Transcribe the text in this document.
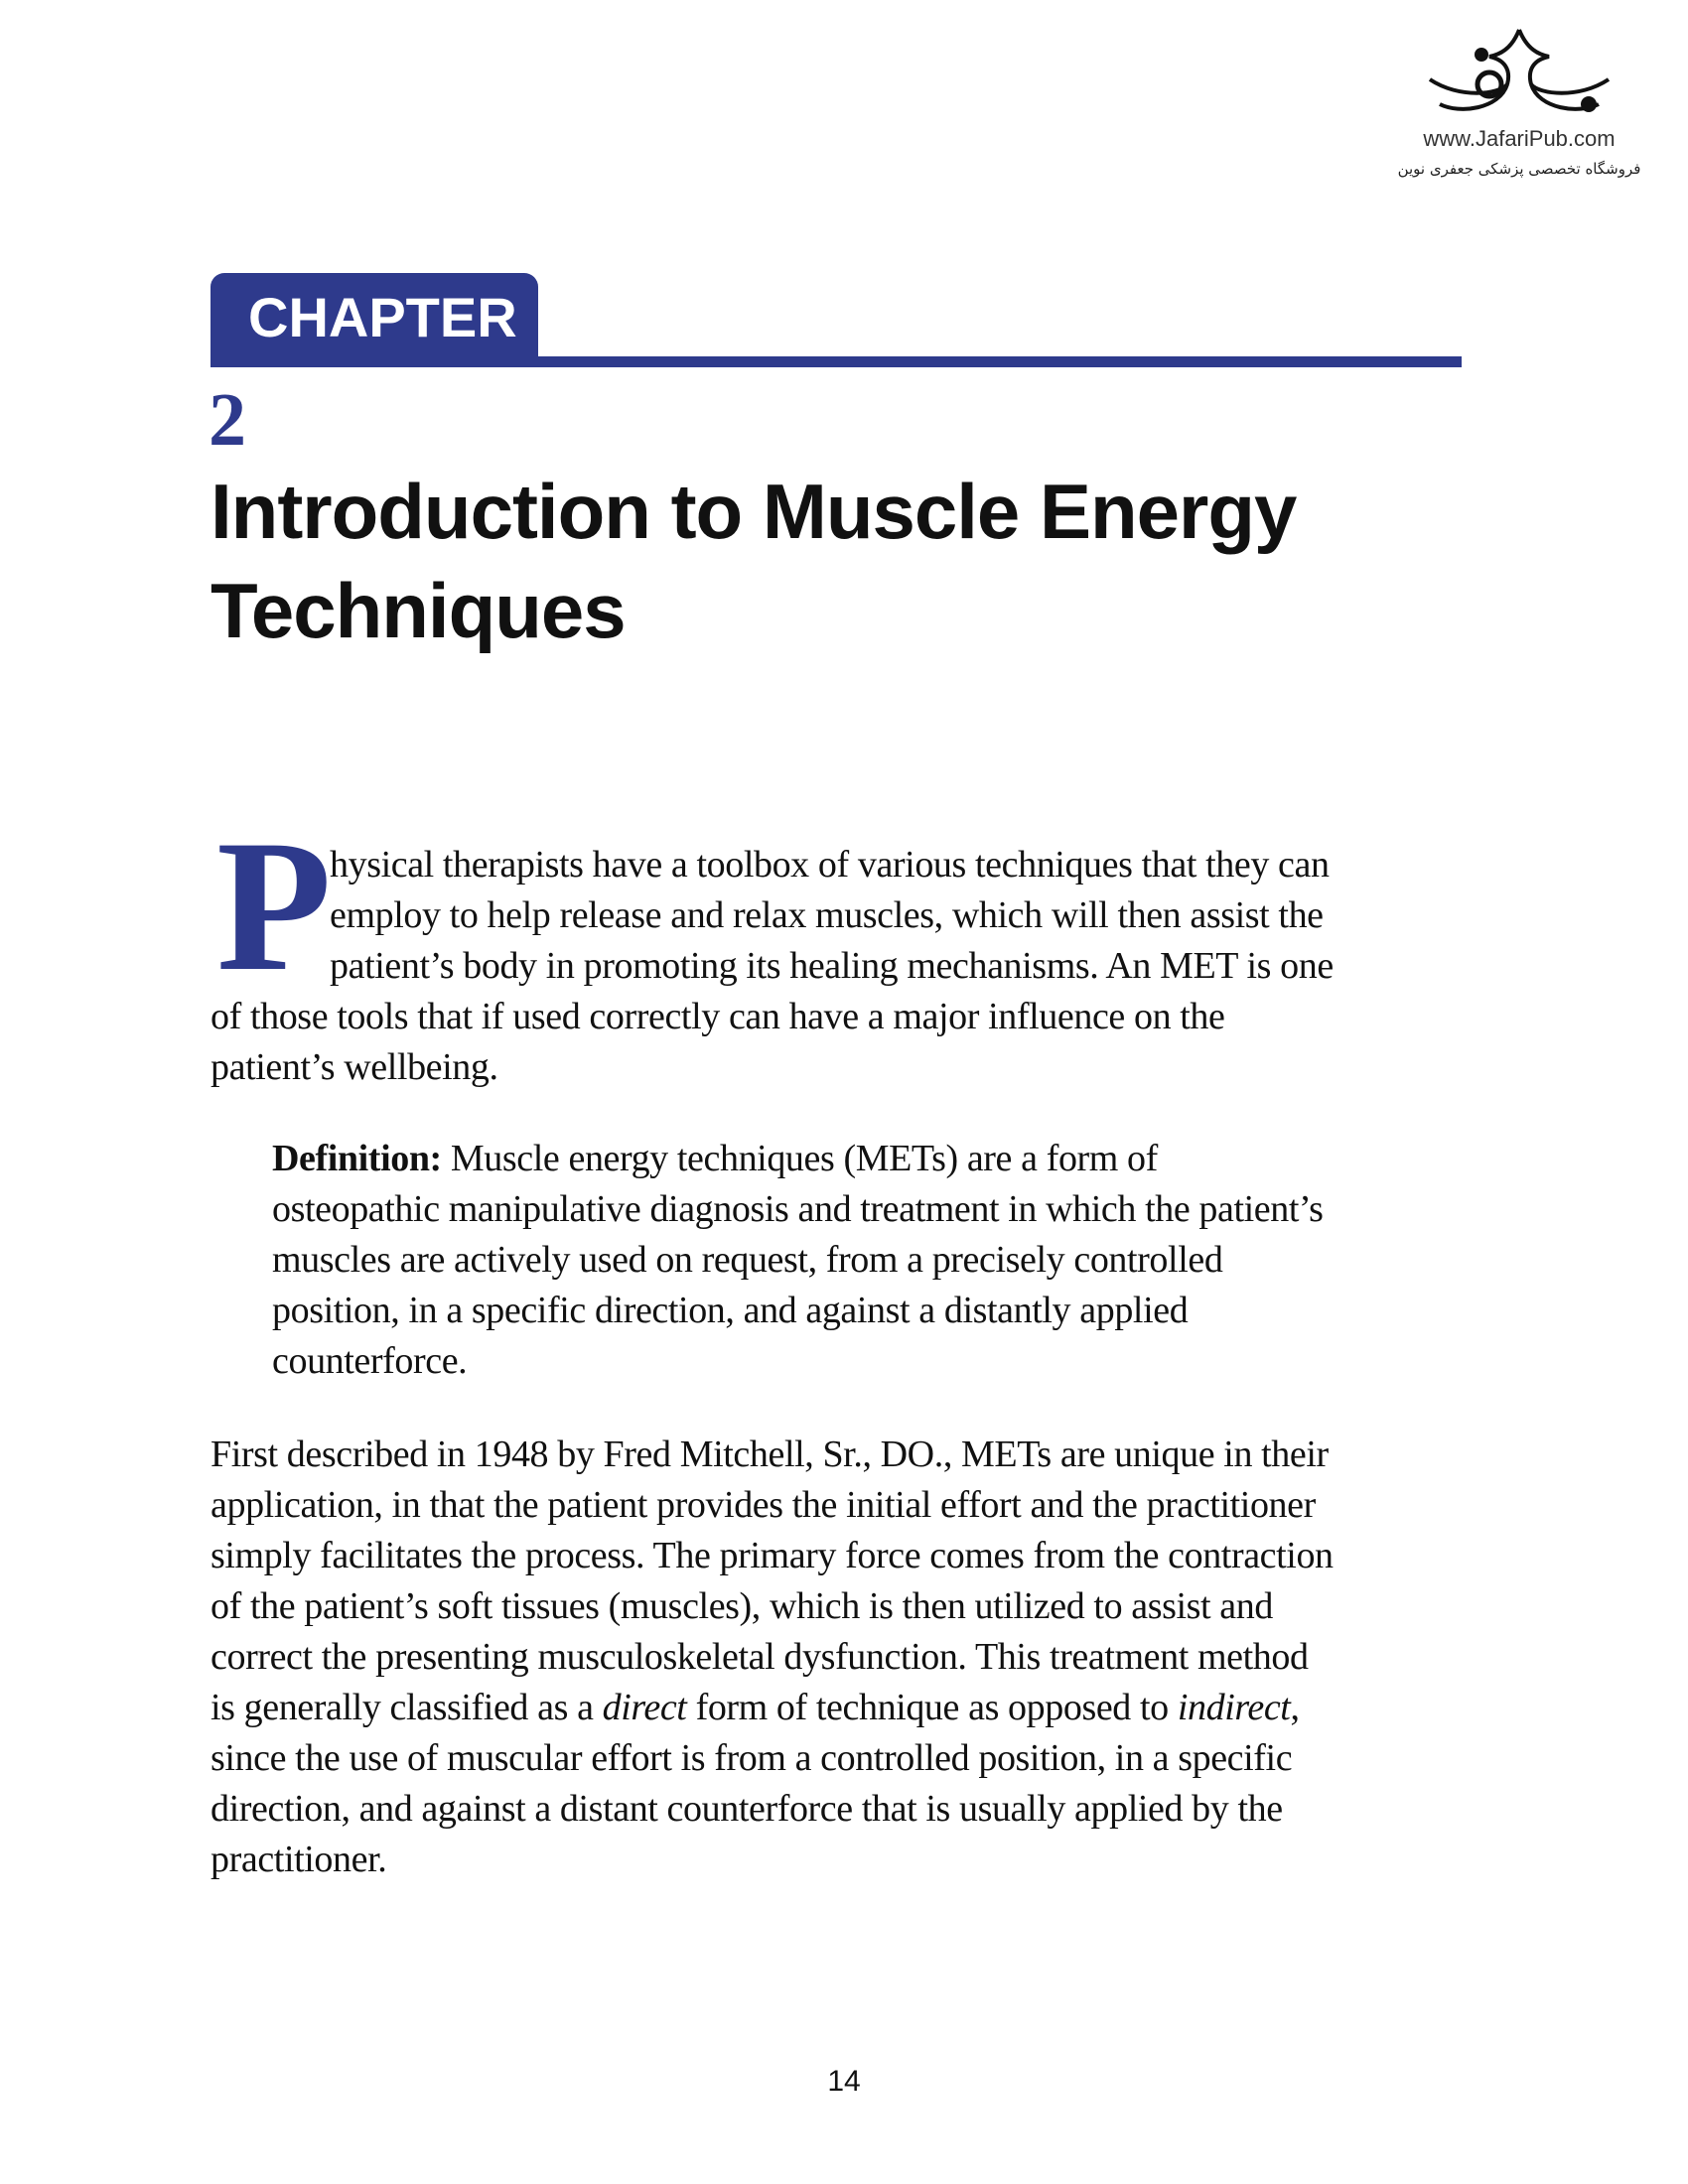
www.JafariPub.com
فروشگاه تخصصی پزشکی جعفری نوین
CHAPTER
2
Introduction to Muscle Energy
Techniques
P
hysical therapists have a toolbox of various techniques that they can
employ to help release and relax muscles, which will then assist the
patient’s body in promoting its healing mechanisms. An MET is one
of those tools that if used correctly can have a major influence on the
patient’s wellbeing.
Definition: Muscle energy techniques (METs) are a form of
osteopathic manipulative diagnosis and treatment in which the patient’s
muscles are actively used on request, from a precisely controlled
position, in a specific direction, and against a distantly applied
counterforce.
First described in 1948 by Fred Mitchell, Sr., DO., METs are unique in their
application, in that the patient provides the initial effort and the practitioner
simply facilitates the process. The primary force comes from the contraction
of the patient’s soft tissues (muscles), which is then utilized to assist and
correct the presenting musculoskeletal dysfunction. This treatment method
is generally classified as a direct form of technique as opposed to indirect,
since the use of muscular effort is from a controlled position, in a specific
direction, and against a distant counterforce that is usually applied by the
practitioner.
14
